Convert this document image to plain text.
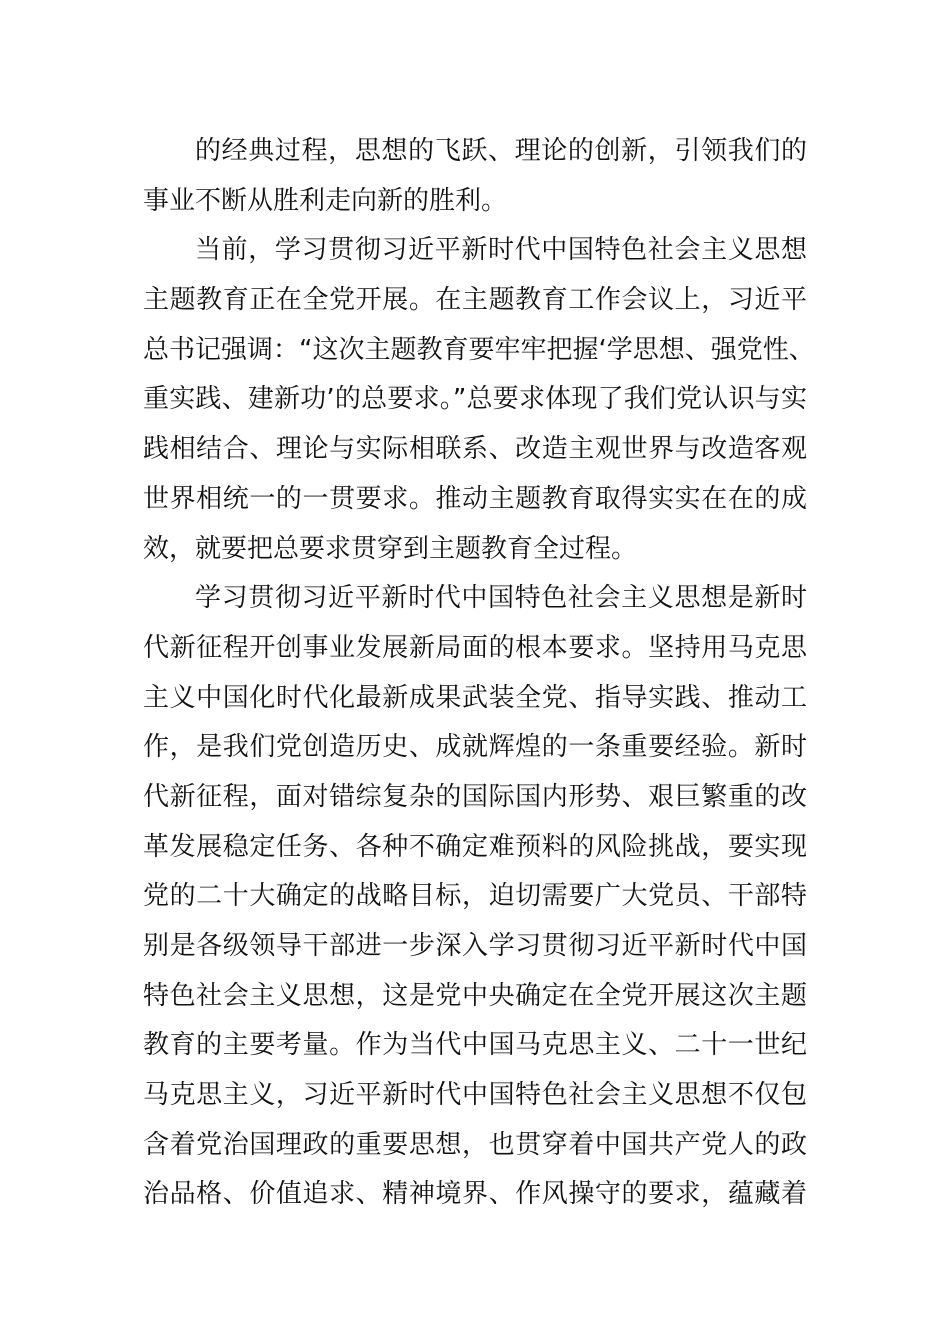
的经典过程，思想的飞跃、理论的创新，引领我们的
事业不断从胜利走向新的胜利。
当前，学习贯彻习近平新时代中国特色社会主义思想
主题教育正在全党开展。在主题教育工作会议上，习近平
总书记强调：“这次主题教育要牢牢把握‘学思想、强党性、
重实践、建新功’的总要求。”总要求体现了我们党认识与实
践相结合、理论与实际相联系、改造主观世界与改造客观
世界相统一的一贯要求。推动主题教育取得实实在在的成
效，就要把总要求贯穿到主题教育全过程。
学习贯彻习近平新时代中国特色社会主义思想是新时
代新征程开创事业发展新局面的根本要求。坚持用马克思
主义中国化时代化最新成果武装全党、指导实践、推动工
作，是我们党创造历史、成就辉煌的一条重要经验。新时
代新征程，面对错综复杂的国际国内形势、艰巨繁重的改
革发展稳定任务、各种不确定难预料的风险挑战，要实现
党的二十大确定的战略目标，迫切需要广大党员、干部特
别是各级领导干部进一步深入学习贯彻习近平新时代中国
特色社会主义思想，这是党中央确定在全党开展这次主题
教育的主要考量。作为当代中国马克思主义、二十一世纪
马克思主义，习近平新时代中国特色社会主义思想不仅包
含着党治国理政的重要思想，也贯穿着中国共产党人的政
治品格、价值追求、精神境界、作风操守的要求，蕴藏着
